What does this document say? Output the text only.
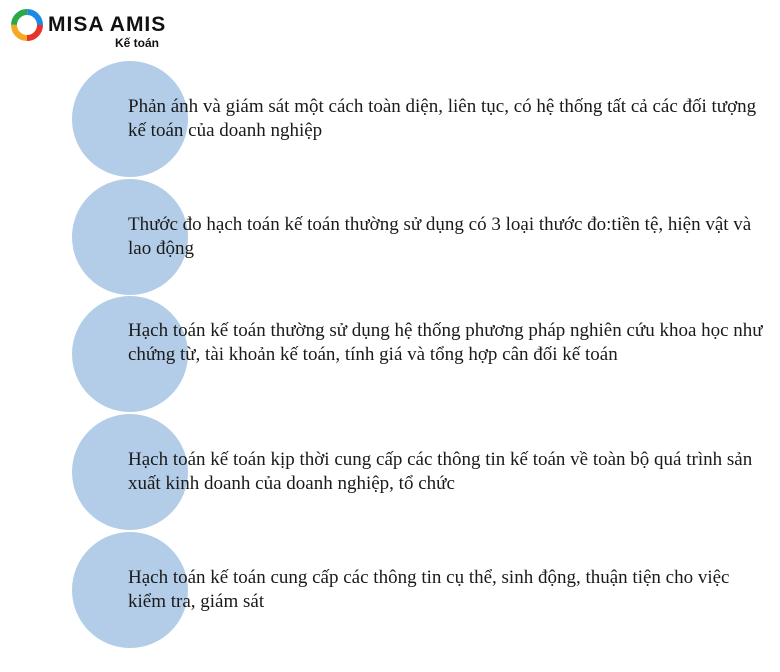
MISA AMIS
Kế toán
Phản ánh và giám sát một cách toàn diện, liên tục, có hệ thống tất cả các đối tượng kế toán của doanh nghiệp
Thước đo hạch toán kế toán thường sử dụng có 3 loại thước đo:tiền tệ, hiện vật và lao động
Hạch toán kế toán thường sử dụng hệ thống phương pháp nghiên cứu khoa học như chứng từ, tài khoản kế toán, tính giá và tổng hợp cân đối kế toán
Hạch toán kế toán kịp thời cung cấp các thông tin kế toán về toàn bộ quá trình sản xuất kinh doanh của doanh nghiệp, tổ chức
Hạch toán kế toán cung cấp các thông tin cụ thể, sinh động, thuận tiện cho việc kiểm tra, giám sát
